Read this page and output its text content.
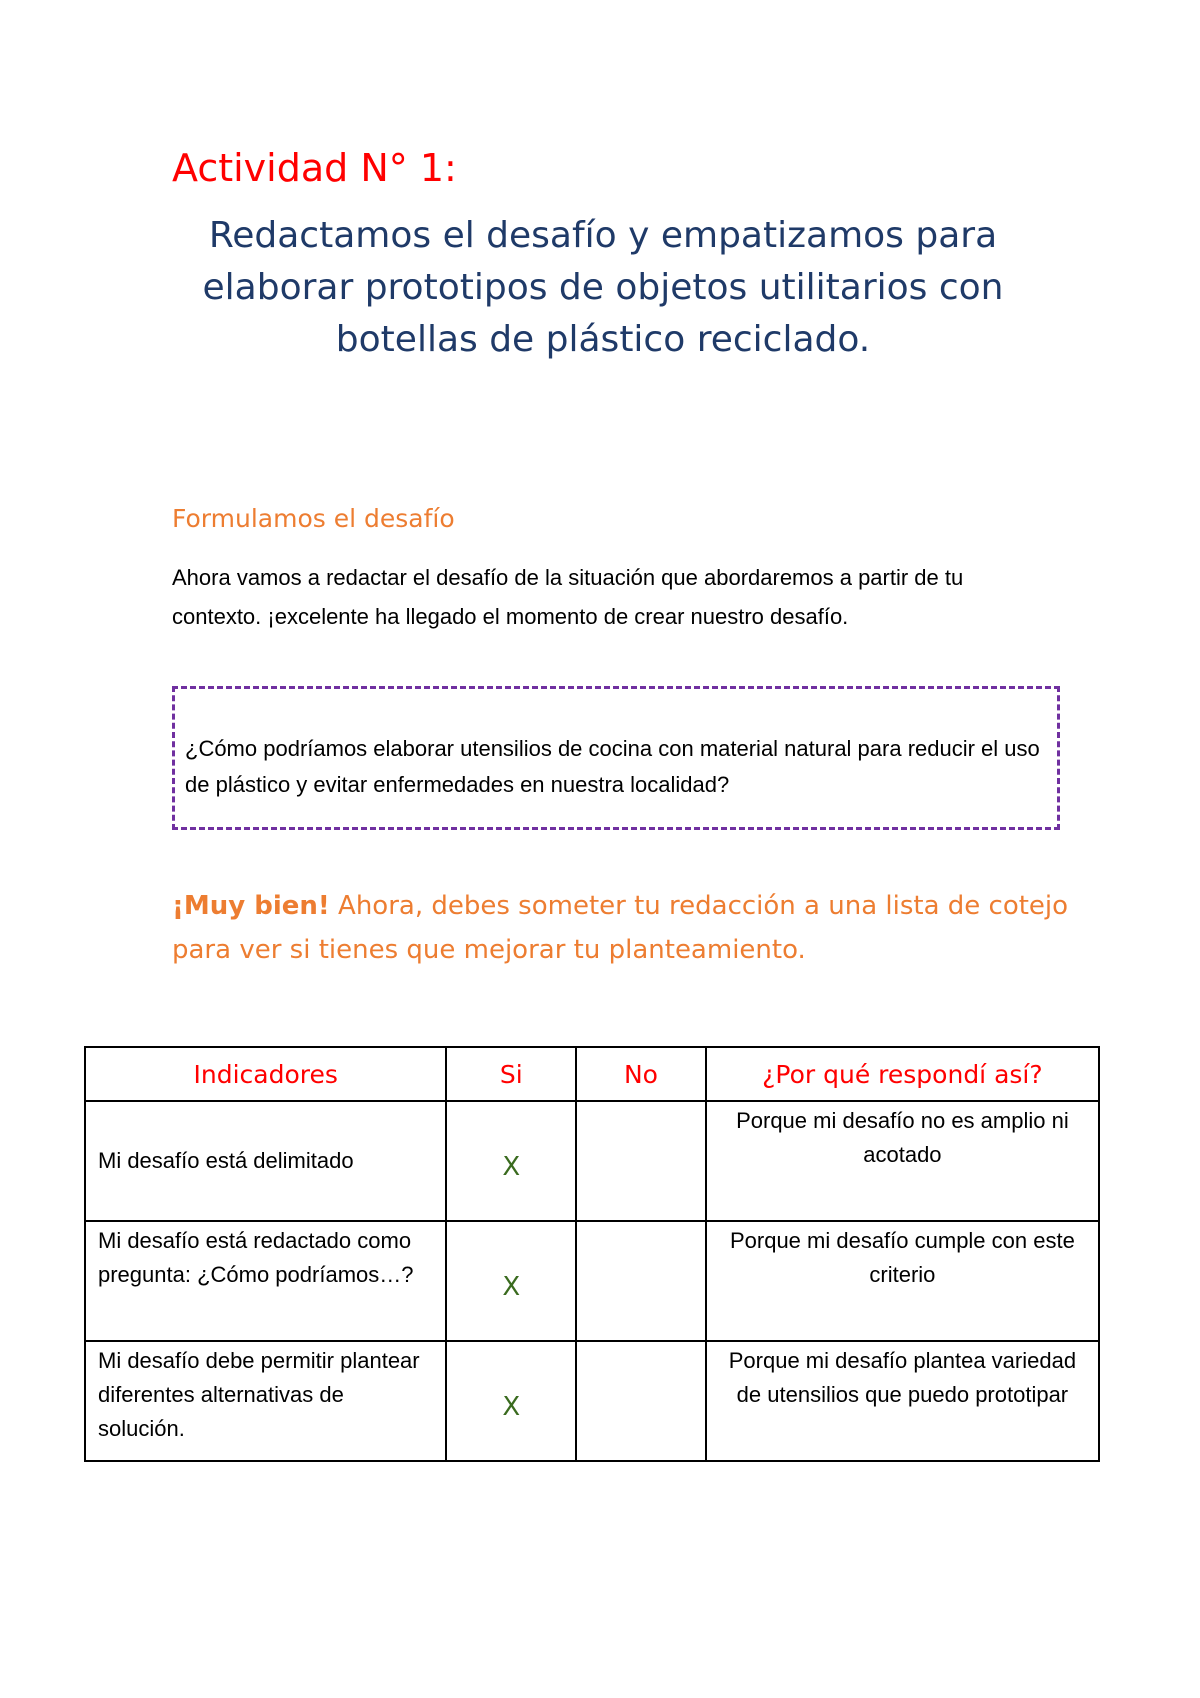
Actividad N° 1:
Redactamos el desafío y empatizamos para elaborar prototipos de objetos utilitarios con botellas de plástico reciclado.
Formulamos el desafío

Ahora vamos a redactar el desafío de la situación que abordaremos a partir de tu contexto. ¡excelente ha llegado el momento de crear nuestro desafío.

¿Cómo podríamos elaborar utensilios de cocina con material natural para reducir el uso de plástico y evitar enfermedades en nuestra localidad?

¡Muy bien! Ahora, debes someter tu redacción a una lista de cotejo para ver si tienes que mejorar tu planteamiento.

Indicadores	Si	No	¿Por qué respondí así?
Mi desafío está delimitado	X		Porque mi desafío no es amplio ni acotado
Mi desafío está redactado como pregunta: ¿Cómo podríamos…?	X		Porque mi desafío cumple con este criterio
Mi desafío debe permitir plantear diferentes alternativas de solución.	X		Porque mi desafío plantea variedad de utensilios que puedo prototipar
